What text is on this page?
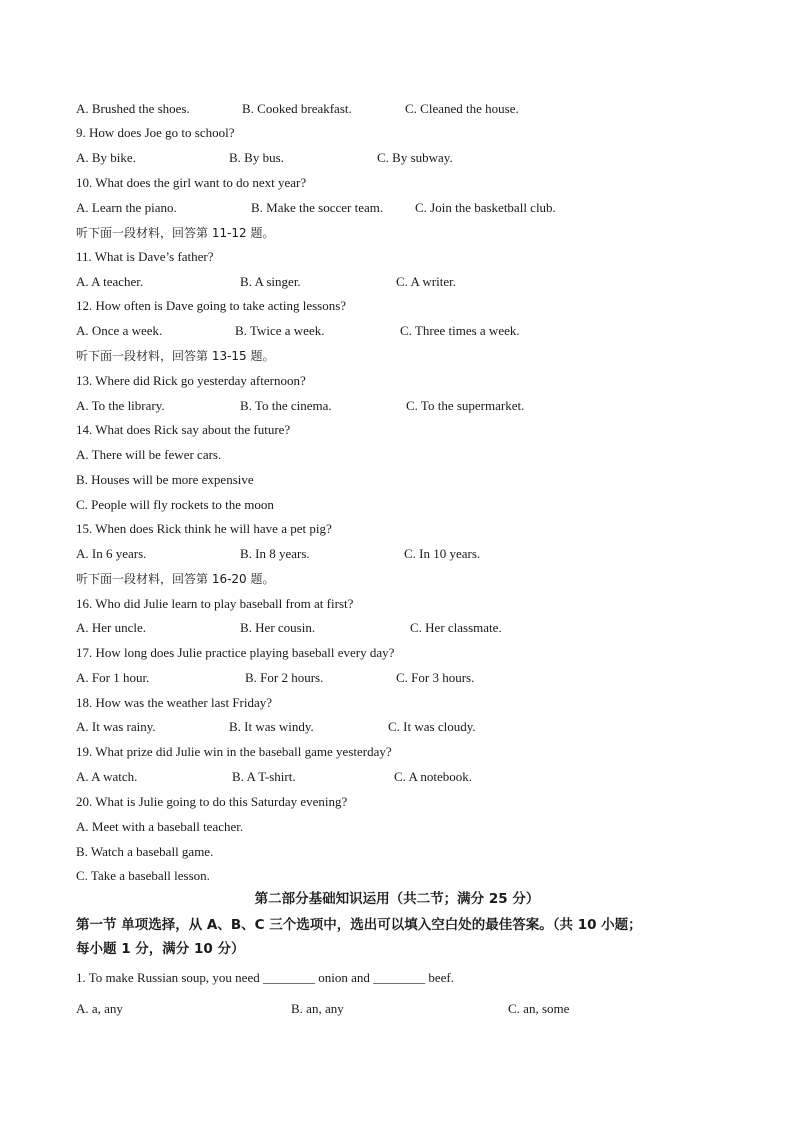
A. Brushed the shoes.	B. Cooked breakfast.	C. Cleaned the house.
9. How does Joe go to school?
A. By bike.	B. By bus.	C. By subway.
10. What does the girl want to do next year?
A. Learn the piano.	B. Make the soccer team. C. Join the basketball club.
听下面一段材料，回答第 11-12 题。
11. What is Dave’s father?
A. A teacher.	B. A singer.	C. A writer.
12. How often is Dave going to take acting lessons?
A. Once a week.	B. Twice a week.	C. Three times a week.
听下面一段材料，回答第 13-15 题。
13. Where did Rick go yesterday afternoon?
A. To the library.	B. To the cinema.	C. To the supermarket.
14. What does Rick say about the future?
A. There will be fewer cars.
B. Houses will be more expensive
C. People will fly rockets to the moon
15. When does Rick think he will have a pet pig?
A. In 6 years.	B. In 8 years.	C. In 10 years.
听下面一段材料，回答第 16-20 题。
16. Who did Julie learn to play baseball from at first?
A. Her uncle.	B. Her cousin.	C. Her classmate.
17. How long does Julie practice playing baseball every day?
A. For 1 hour.	B. For 2 hours.	C. For 3 hours.
18. How was the weather last Friday?
A. It was rainy.	B. It was windy.	C. It was cloudy.
19. What prize did Julie win in the baseball game yesterday?
A. A watch.	B. A T-shirt.	C. A notebook.
20. What is Julie going to do this Saturday evening?
A. Meet with a baseball teacher.
B. Watch a baseball game.
C. Take a baseball lesson.
第二部分基础知识运用（共二节；满分 25 分）
第一节 单项选择，从 A、B、C 三个选项中，选出可以填入空白处的最佳答案。（共 10 小题；
每小题 1 分，满分 10 分）
1. To make Russian soup, you need ________ onion and ________ beef.
A. a, any	B. an, any	C. an, some
